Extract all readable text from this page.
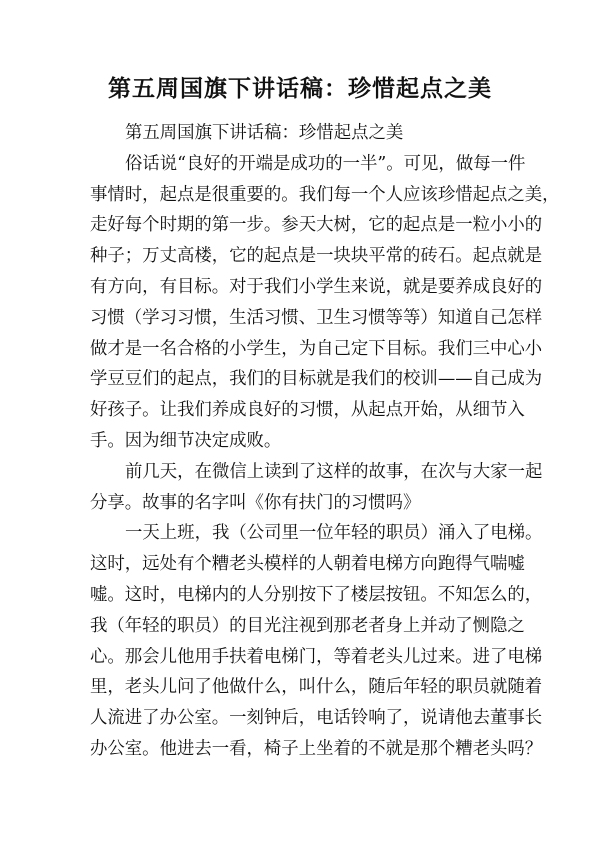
第五周国旗下讲话稿：珍惜起点之美

第五周国旗下讲话稿：珍惜起点之美

俗话说“良好的开端是成功的一半”。可见，做每一件
事情时，起点是很重要的。我们每一个人应该珍惜起点之美，
走好每个时期的第一步。参天大树，它的起点是一粒小小的
种子；万丈高楼，它的起点是一块块平常的砖石。起点就是
有方向，有目标。对于我们小学生来说，就是要养成良好的
习惯（学习习惯，生活习惯、卫生习惯等等）知道自己怎样
做才是一名合格的小学生，为自己定下目标。我们三中心小
学豆豆们的起点，我们的目标就是我们的校训——自己成为
好孩子。让我们养成良好的习惯，从起点开始，从细节入
手。因为细节决定成败。

前几天，在微信上读到了这样的故事，在次与大家一起
分享。故事的名字叫《你有扶门的习惯吗》

一天上班，我（公司里一位年轻的职员）涌入了电梯。
这时，远处有个糟老头模样的人朝着电梯方向跑得气喘嘘
嘘。这时，电梯内的人分别按下了楼层按钮。不知怎么的，
我（年轻的职员）的目光注视到那老者身上并动了恻隐之
心。那会儿他用手扶着电梯门，等着老头儿过来。进了电梯
里，老头儿问了他做什么，叫什么，随后年轻的职员就随着
人流进了办公室。一刻钟后，电话铃响了，说请他去董事长
办公室。他进去一看，椅子上坐着的不就是那个糟老头吗？
